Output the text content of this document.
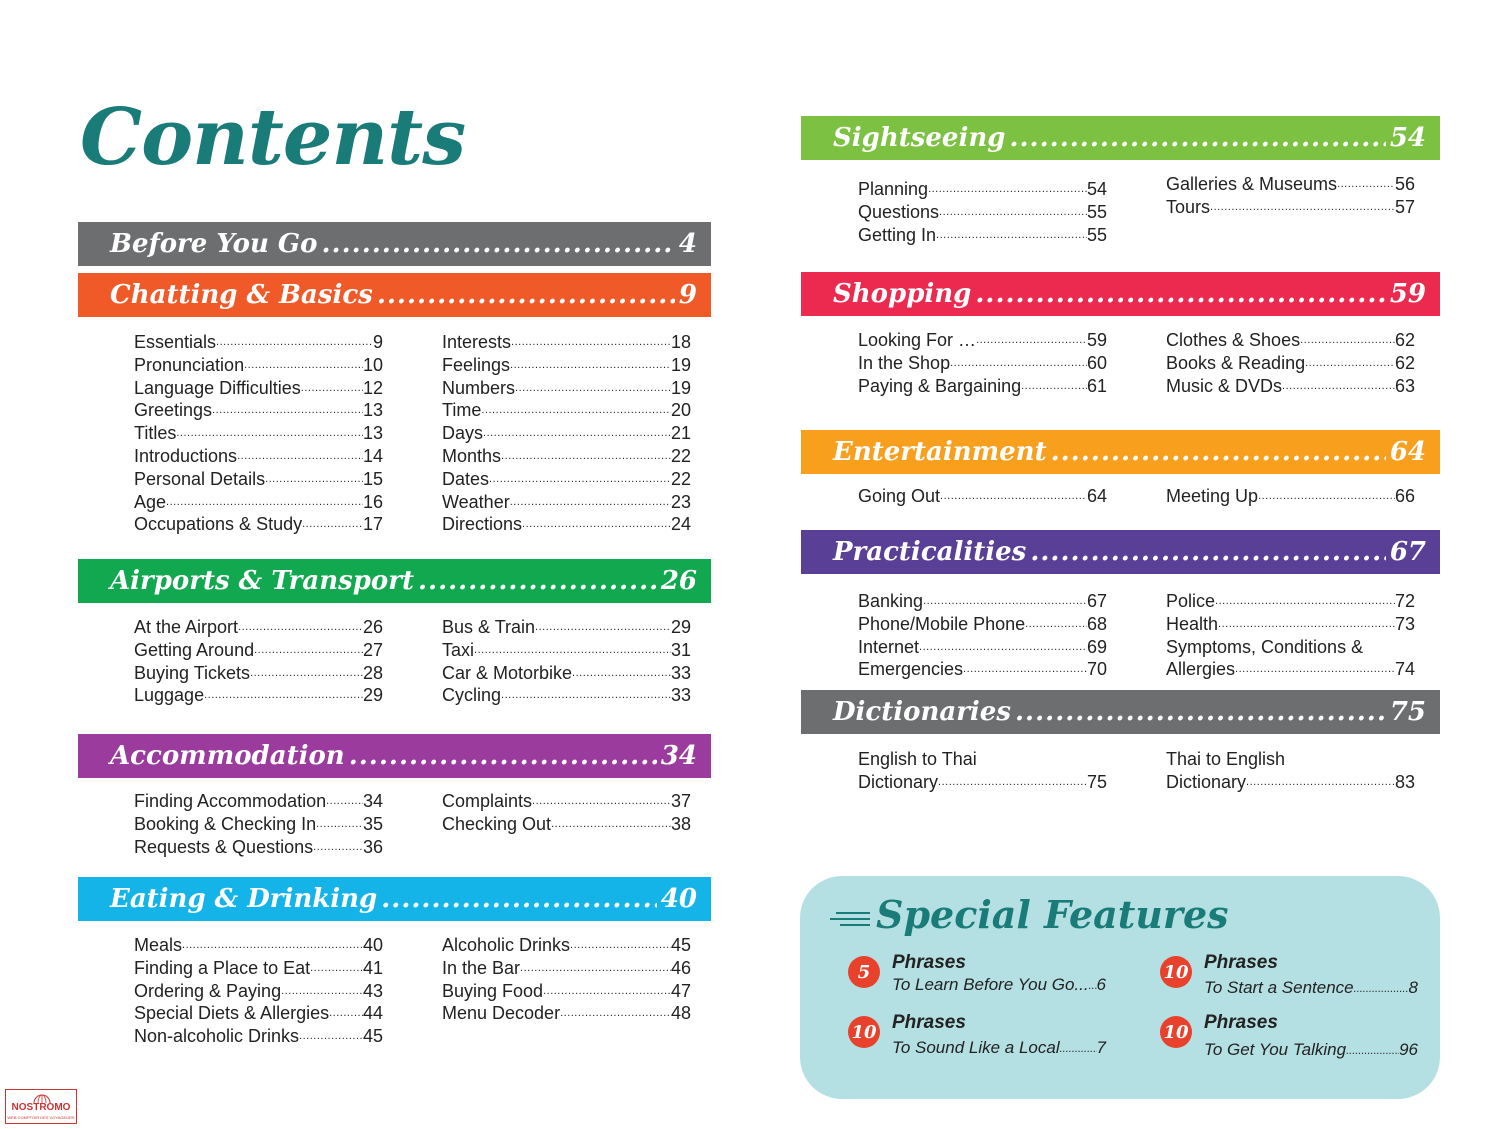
Contents
Before You Go .....	4
Chatting & Basics .....	9
Essentials .....	9
Pronunciation .....	10
Language Difficulties .....	12
Greetings .....	13
Titles .....	13
Introductions .....	14
Personal Details .....	15
Age .....	16
Occupations & Study .....	17
Interests .....	18
Feelings .....	19
Numbers .....	19
Time .....	20
Days .....	21
Months .....	22
Dates .....	22
Weather .....	23
Directions .....	24
Airports & Transport .....	26
At the Airport .....	26
Getting Around .....	27
Buying Tickets .....	28
Luggage .....	29
Bus & Train .....	29
Taxi .....	31
Car & Motorbike .....	33
Cycling .....	33
Accommodation .....	34
Finding Accommodation ..... 34
Booking & Checking In .....	35
Requests & Questions .....	36
Complaints .....	37
Checking Out .....	38
Eating & Drinking .....	40
Meals .....	40
Finding a Place to Eat .....	41
Ordering & Paying .....	43
Special Diets & Allergies ..... 44
Non-alcoholic Drinks .....	45
Alcoholic Drinks .....	45
In the Bar .....	46
Buying Food .....	47
Menu Decoder .....	48
Sightseeing .....	54
Planning .....	54
Questions .....	55
Getting In .....	55
Galleries & Museums .....	56
Tours .....	57
Shopping .....	59
Looking For … .....	59
In the Shop .....	60
Paying & Bargaining .....	61
Clothes & Shoes .....	62
Books & Reading .....	62
Music & DVDs .....	63
Entertainment .....	64
Going Out .....	64	Meeting Up .....	66
Practicalities .....	67
Banking .....	67
Phone/Mobile Phone .....	68
Internet .....	69
Emergencies .....	70
Police .....	72
Health .....	73
Symptoms, Conditions &
Allergies .....	74
Dictionaries .....	75
English to Thai
Dictionary .....	75
Thai to English
Dictionary .....	83
Special Features
5	Phrases
To Learn Before You Go... ..... 6
10 Phrases
To Start a Sentence .....	8
10 Phrases
To Sound Like a Local ..... 7
10 Phrases
To Get You Talking .....	96
NOSTROMO
WEB COMPTOIR DES VOYAGEURS
